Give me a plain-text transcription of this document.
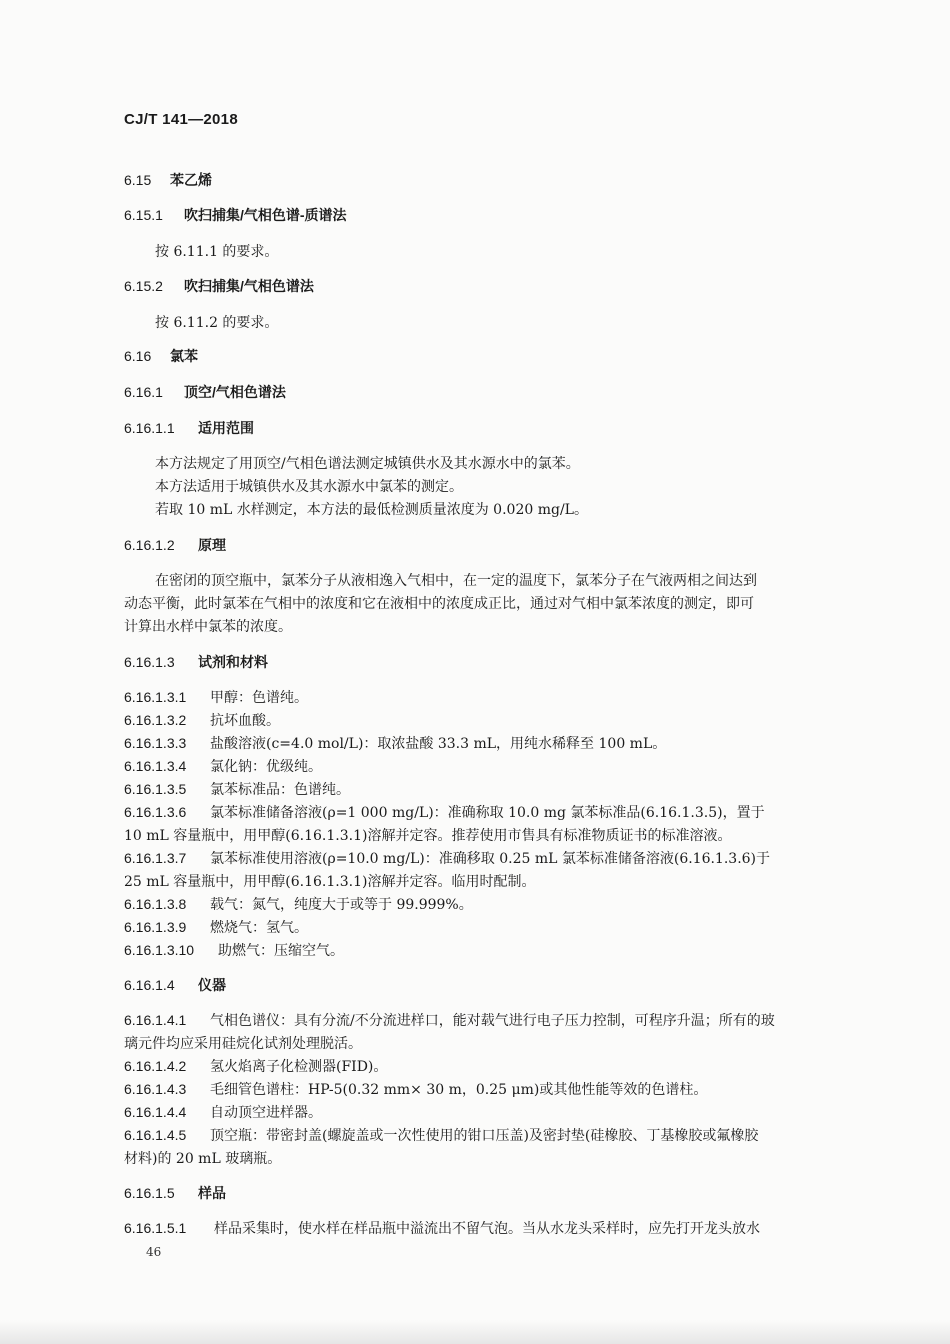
CJ/T 141—2018
6.15 苯乙烯
6.15.1 吹扫捕集/气相色谱-质谱法
按 6.11.1 的要求。
6.15.2 吹扫捕集/气相色谱法
按 6.11.2 的要求。
6.16 氯苯
6.16.1 顶空/气相色谱法
6.16.1.1 适用范围
本方法规定了用顶空/气相色谱法测定城镇供水及其水源水中的氯苯。
本方法适用于城镇供水及其水源水中氯苯的测定。
若取 10 mL 水样测定，本方法的最低检测质量浓度为 0.020 mg/L。
6.16.1.2 原理
在密闭的顶空瓶中，氯苯分子从液相逸入气相中，在一定的温度下，氯苯分子在气液两相之间达到
动态平衡，此时氯苯在气相中的浓度和它在液相中的浓度成正比，通过对气相中氯苯浓度的测定，即可
计算出水样中氯苯的浓度。
6.16.1.3 试剂和材料
6.16.1.3.1 甲醇：色谱纯。
6.16.1.3.2 抗坏血酸。
6.16.1.3.3 盐酸溶液(c=4.0 mol/L)：取浓盐酸 33.3 mL，用纯水稀释至 100 mL。
6.16.1.3.4 氯化钠：优级纯。
6.16.1.3.5 氯苯标准品：色谱纯。
6.16.1.3.6 氯苯标准储备溶液(ρ=1 000 mg/L)：准确称取 10.0 mg 氯苯标准品(6.16.1.3.5)，置于
10 mL 容量瓶中，用甲醇(6.16.1.3.1)溶解并定容。推荐使用市售具有标准物质证书的标准溶液。
6.16.1.3.7 氯苯标准使用溶液(ρ=10.0 mg/L)：准确移取 0.25 mL 氯苯标准储备溶液(6.16.1.3.6)于
25 mL 容量瓶中，用甲醇(6.16.1.3.1)溶解并定容。临用时配制。
6.16.1.3.8 载气：氮气，纯度大于或等于 99.999%。
6.16.1.3.9 燃烧气：氢气。
6.16.1.3.10 助燃气：压缩空气。
6.16.1.4 仪器
6.16.1.4.1 气相色谱仪：具有分流/不分流进样口，能对载气进行电子压力控制，可程序升温；所有的玻
璃元件均应采用硅烷化试剂处理脱活。
6.16.1.4.2 氢火焰离子化检测器(FID)。
6.16.1.4.3 毛细管色谱柱：HP-5(0.32 mm× 30 m，0.25 μm)或其他性能等效的色谱柱。
6.16.1.4.4 自动顶空进样器。
6.16.1.4.5 顶空瓶：带密封盖(螺旋盖或一次性使用的钳口压盖)及密封垫(硅橡胶、丁基橡胶或氟橡胶
材料)的 20 mL 玻璃瓶。
6.16.1.5 样品
6.16.1.5.1 样品采集时，使水样在样品瓶中溢流出不留气泡。当从水龙头采样时，应先打开龙头放水
46
